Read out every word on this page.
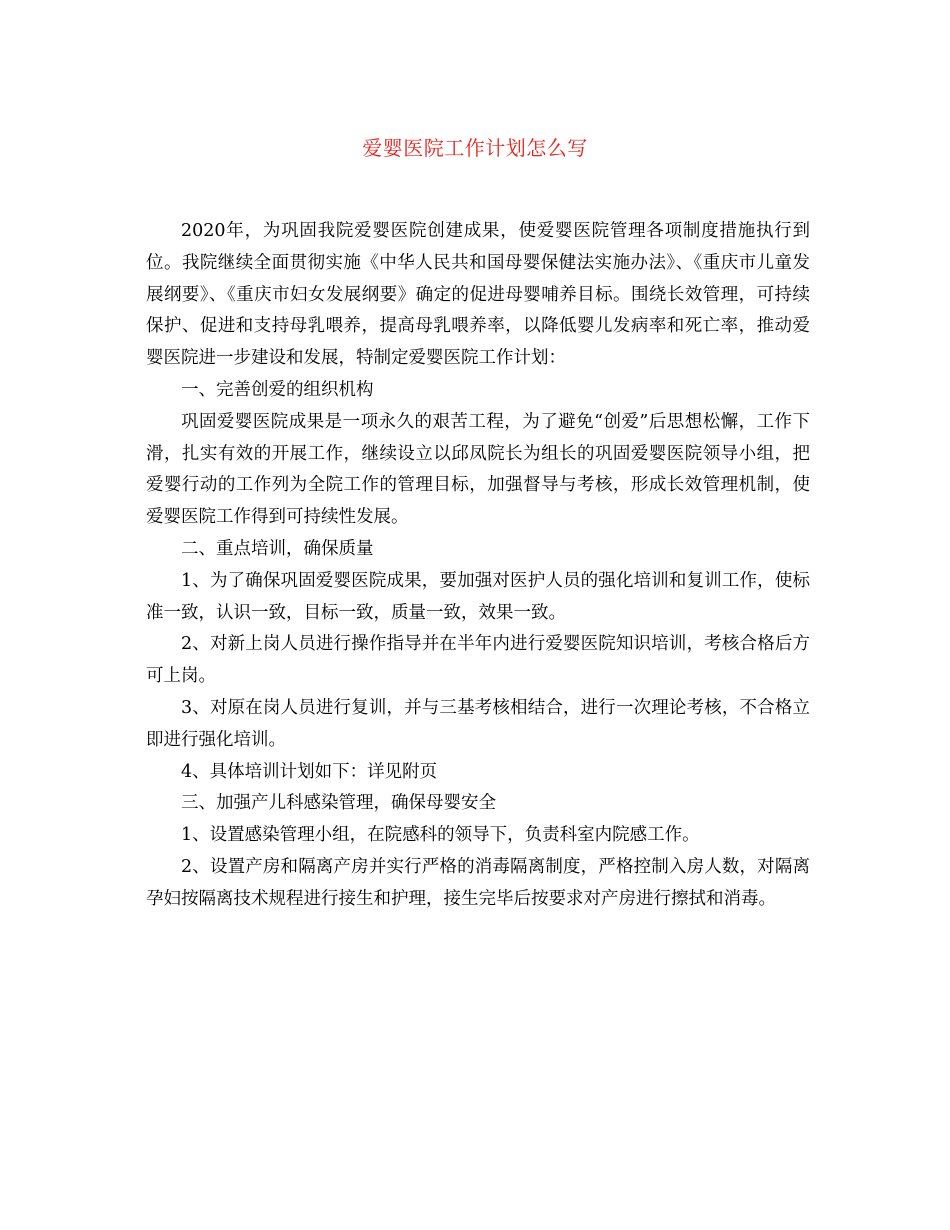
爱婴医院工作计划怎么写

2020年，为巩固我院爱婴医院创建成果，使爱婴医院管理各项制度措施执行到位。我院继续全面贯彻实施《中华人民共和国母婴保健法实施办法》、《重庆市儿童发展纲要》、《重庆市妇女发展纲要》确定的促进母婴哺养目标。围绕长效管理，可持续保护、促进和支持母乳喂养，提高母乳喂养率，以降低婴儿发病率和死亡率，推动爱婴医院进一步建设和发展，特制定爱婴医院工作计划：

一、完善创爱的组织机构

巩固爱婴医院成果是一项永久的艰苦工程，为了避免“创爱”后思想松懈，工作下滑，扎实有效的开展工作，继续设立以邱凤院长为组长的巩固爱婴医院领导小组，把爱婴行动的工作列为全院工作的管理目标，加强督导与考核，形成长效管理机制，使爱婴医院工作得到可持续性发展。

二、重点培训，确保质量

1、为了确保巩固爱婴医院成果，要加强对医护人员的强化培训和复训工作，使标准一致，认识一致，目标一致，质量一致，效果一致。

2、对新上岗人员进行操作指导并在半年内进行爱婴医院知识培训，考核合格后方可上岗。

3、对原在岗人员进行复训，并与三基考核相结合，进行一次理论考核，不合格立即进行强化培训。

4、具体培训计划如下：详见附页

三、加强产儿科感染管理，确保母婴安全

1、设置感染管理小组，在院感科的领导下，负责科室内院感工作。

2、设置产房和隔离产房并实行严格的消毒隔离制度，严格控制入房人数，对隔离孕妇按隔离技术规程进行接生和护理，接生完毕后按要求对产房进行擦拭和消毒。
